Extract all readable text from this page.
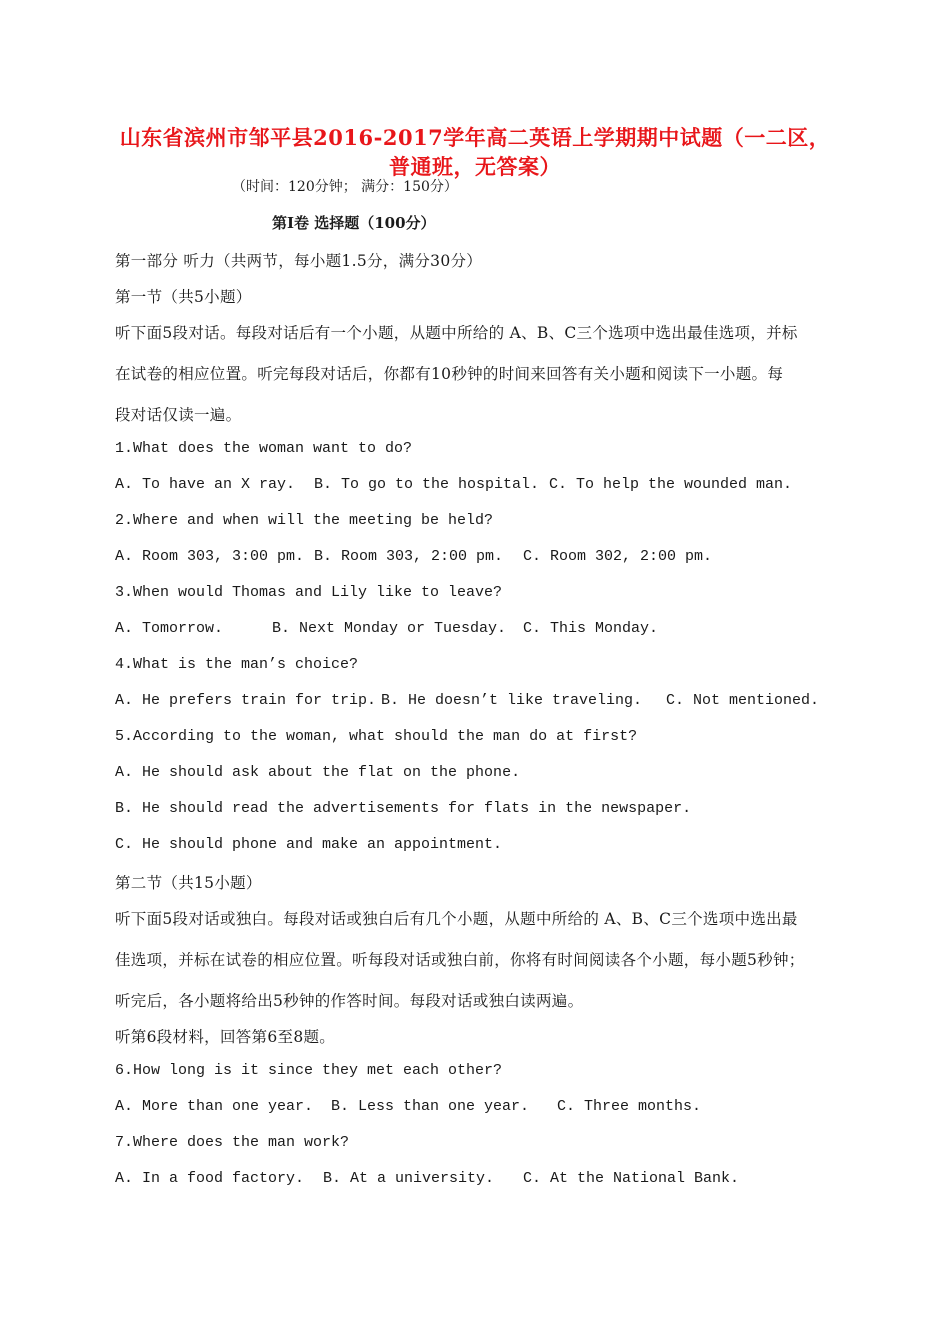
山东省滨州市邹平县2016-2017学年高二英语上学期期中试题（一二区，
普通班，无答案）
（时间：120分钟； 满分：150分）
第Ⅰ卷 选择题（100分）
第一部分 听力（共两节，每小题1.5分，满分30分）
第一节（共5小题）
听下面5段对话。每段对话后有一个小题，从题中所给的 A、B、C三个选项中选出最佳选项，并标
在试卷的相应位置。听完每段对话后，你都有10秒钟的时间来回答有关小题和阅读下一小题。每
段对话仅读一遍。
1.What does the woman want to do?
A. To have an X ray. B. To go to the hospital. C. To help the wounded man.
2.Where and when will the meeting be held?
A. Room 303, 3:00 pm. B. Room 303, 2:00 pm. C. Room 302, 2:00 pm.
3.When would Thomas and Lily like to leave?
A. Tomorrow.	B. Next Monday or Tuesday. C. This Monday.
4.What is the man’s choice?
A. He prefers train for trip. B. He doesn’t like traveling. C. Not mentioned.
5.According to the woman, what should the man do at first?
A. He should ask about the flat on the phone.
B. He should read the advertisements for flats in the newspaper.
C. He should phone and make an appointment.
第二节（共15小题）
听下面5段对话或独白。每段对话或独白后有几个小题，从题中所给的 A、B、C三个选项中选出最
佳选项，并标在试卷的相应位置。听每段对话或独白前，你将有时间阅读各个小题，每小题5秒钟；
听完后，各小题将给出5秒钟的作答时间。每段对话或独白读两遍。
听第6段材料，回答第6至8题。
6.How long is it since they met each other?
A. More than one year. B. Less than one year. C. Three months.
7.Where does the man work?
A. In a food factory. B. At a university. C. At the National Bank.
